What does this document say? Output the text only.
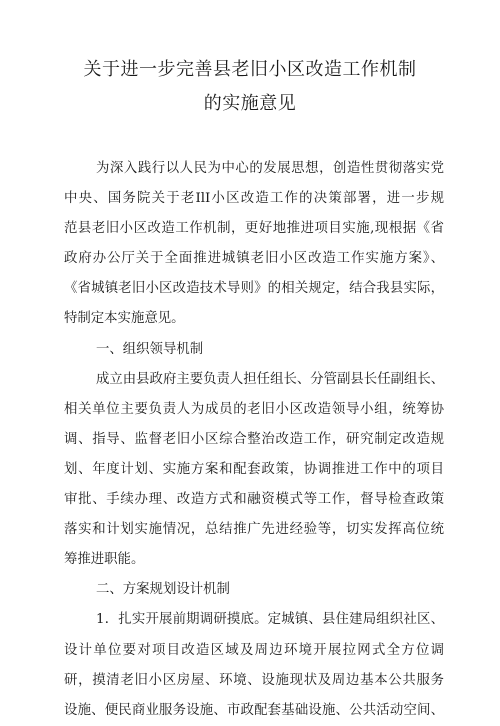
关于进一步完善县老旧小区改造工作机制
的实施意见
为深入践行以人民为中心的发展思想，创造性贯彻落实党
中央、国务院关于老IlI小区改造工作的决策部署，进一步规
范县老旧小区改造工作机制，更好地推进项目实施,现根据《省
政府办公厅关于全面推进城镇老旧小区改造工作实施方案》、
《省城镇老旧小区改造技术导则》的相关规定，结合我县实际，
特制定本实施意见。
一、组织领导机制
成立由县政府主要负责人担任组长、分管副县长任副组长、
相关单位主要负责人为成员的老旧小区改造领导小组，统筹协
调、指导、监督老旧小区综合整治改造工作，研究制定改造规
划、年度计划、实施方案和配套政策，协调推进工作中的项目
审批、手续办理、改造方式和融资模式等工作，督导检查政策
落实和计划实施情况，总结推广先进经验等，切实发挥高位统
筹推进职能。
二、方案规划设计机制
1．扎实开展前期调研摸底。定城镇、县住建局组织社区、
设计单位要对项目改造区域及周边环境开展拉网式全方位调
研，摸清老旧小区房屋、环境、设施现状及周边基本公共服务
设施、便民商业服务设施、市政配套基础设施、公共活动空间、
